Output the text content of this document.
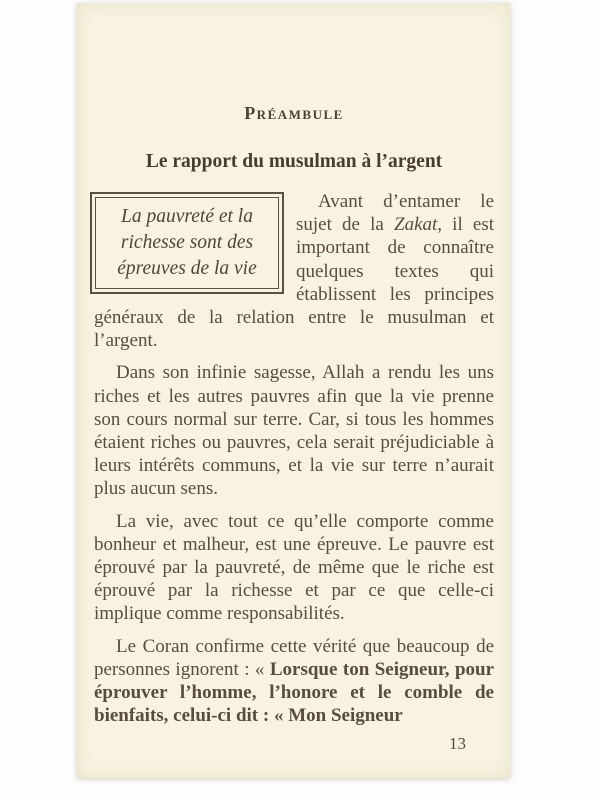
Préambule
Le rapport du musulman à l’argent
La pauvreté et la
richesse sont des
épreuves de la vie

Avant d’entamer le sujet de la Zakat, il est important de connaître quelques textes qui établissent les principes généraux de la relation entre le musulman et l’argent.

Dans son infinie sagesse, Allah a rendu les uns riches et les autres pauvres afin que la vie prenne son cours normal sur terre. Car, si tous les hommes étaient riches ou pauvres, cela serait préjudiciable à leurs intérêts communs, et la vie sur terre n’aurait plus aucun sens.

La vie, avec tout ce qu’elle comporte comme bonheur et malheur, est une épreuve. Le pauvre est éprouvé par la pauvreté, de même que le riche est éprouvé par la richesse et par ce que celle-ci implique comme responsabilités.

Le Coran confirme cette vérité que beaucoup de personnes ignorent : « Lorsque ton Seigneur, pour éprouver l’homme, l’honore et le comble de bienfaits, celui-ci dit : « Mon Seigneur

13
